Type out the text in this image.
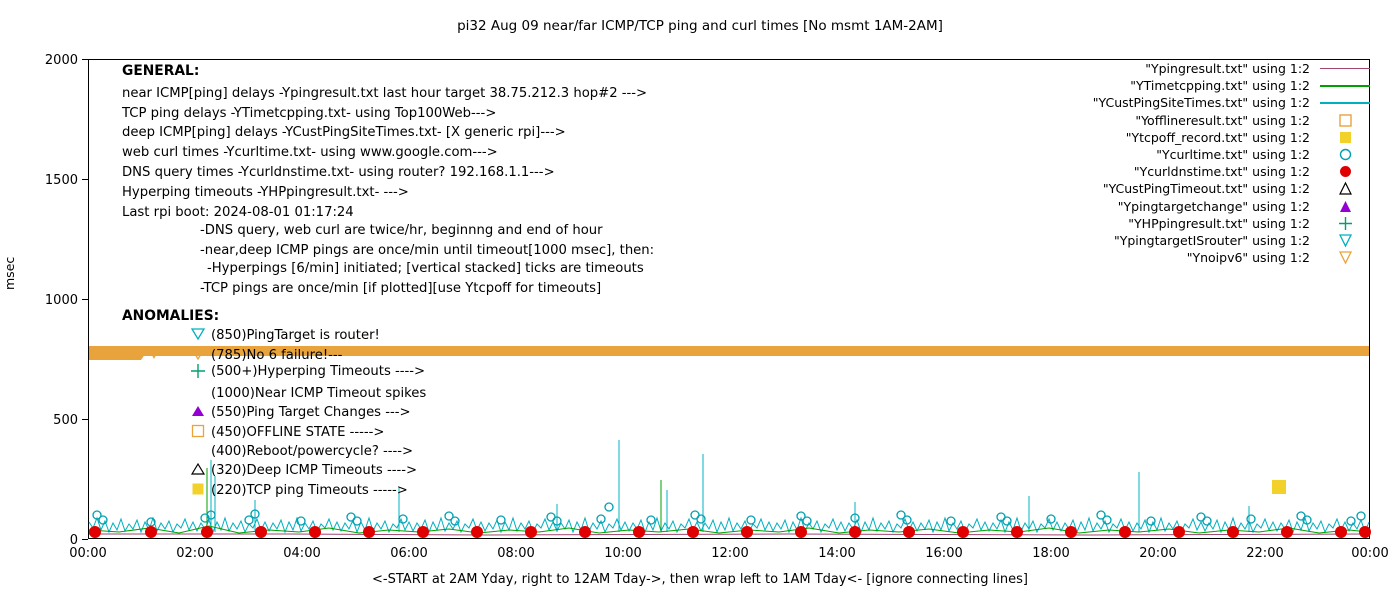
pi32 Aug 09 near/far ICMP/TCP ping and curl times [No msmt 1AM-2AM]
msec
0
500
1000
1500
2000
00:00	02:00	04:00	06:00	08:00	10:00	12:00	14:00	16:00	18:00	20:00	22:00	00:00
<-START at 2AM Yday, right to 12AM Tday->, then wrap left to 1AM Tday<- [ignore connecting lines]
GENERAL:
near ICMP[ping] delays -Ypingresult.txt last hour target 38.75.212.3 hop#2 --->
TCP ping delays -YTimetcpping.txt- using Top100Web--->
deep ICMP[ping] delays -YCustPingSiteTimes.txt- [X generic rpi]--->
web curl times -Ycurltime.txt- using www.google.com--->
DNS query times -Ycurldnstime.txt- using router? 192.168.1.1--->
Hyperping timeouts -YHPpingresult.txt- --->
Last rpi boot: 2024-08-01 01:17:24
-DNS query, web curl are twice/hr, beginnng and end of hour
-near,deep ICMP pings are once/min until timeout[1000 msec], then:
-Hyperpings [6/min] initiated; [vertical stacked] ticks are timeouts
-TCP pings are once/min [if plotted][use Ytcpoff for timeouts]
ANOMALIES:
(850)PingTarget is router!
(785)No 6 failure!---
(500+)Hyperping Timeouts ---->
(1000)Near ICMP Timeout spikes
(550)Ping Target Changes --->
(450)OFFLINE STATE ----->
(400)Reboot/powercycle? ---->
(320)Deep ICMP Timeouts ---->
(220)TCP ping Timeouts ----->
"Ypingresult.txt" using 1:2
"YTimetcpping.txt" using 1:2
"YCustPingSiteTimes.txt" using 1:2
"Yofflineresult.txt" using 1:2
"Ytcpoff_record.txt" using 1:2
"Ycurltime.txt" using 1:2
"Ycurldnstime.txt" using 1:2
"YCustPingTimeout.txt" using 1:2
"Ypingtargetchange" using 1:2
"YHPpingresult.txt" using 1:2
"YpingtargetISrouter" using 1:2
"Ynoipv6" using 1:2
